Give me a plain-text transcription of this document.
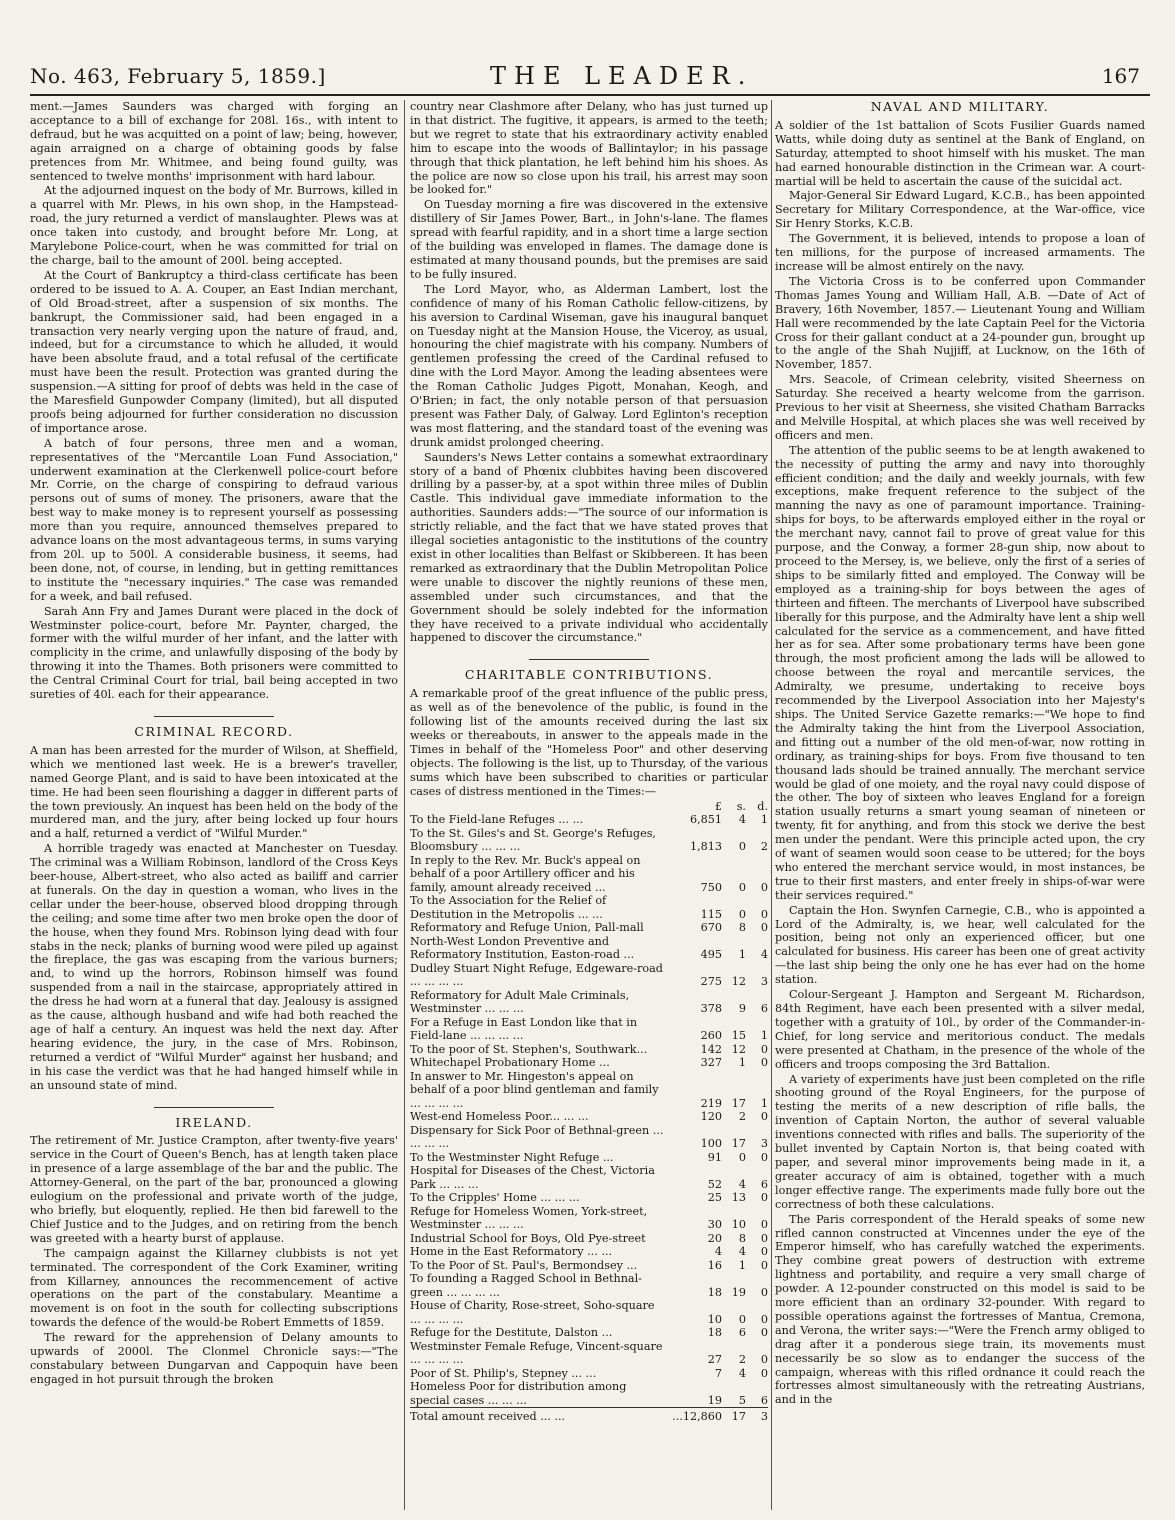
No. 463, February 5, 1859.]	THE LEADER.	167

ment.—James Saunders was charged with forging an acceptance to a bill of exchange for 208l. 16s., with intent to defraud, but he was acquitted on a point of law; being, however, again arraigned on a charge of obtaining goods by false pretences from Mr. Whitmee, and being found guilty, was sentenced to twelve months' imprisonment with hard labour.

At the adjourned inquest on the body of Mr. Burrows, killed in a quarrel with Mr. Plews, in his own shop, in the Hampstead-road, the jury returned a verdict of manslaughter. Plews was at once taken into custody, and brought before Mr. Long, at Marylebone Police-court, when he was committed for trial on the charge, bail to the amount of 200l. being accepted.

At the Court of Bankruptcy a third-class certificate has been ordered to be issued to A. A. Couper, an East Indian merchant, of Old Broad-street, after a suspension of six months. The bankrupt, the Commissioner said, had been engaged in a transaction very nearly verging upon the nature of fraud, and, indeed, but for a circumstance to which he alluded, it would have been absolute fraud, and a total refusal of the certificate must have been the result. Protection was granted during the suspension.—A sitting for proof of debts was held in the case of the Maresfield Gunpowder Company (limited), but all disputed proofs being adjourned for further consideration no discussion of importance arose.

A batch of four persons, three men and a woman, representatives of the "Mercantile Loan Fund Association," underwent examination at the Clerkenwell police-court before Mr. Corrie, on the charge of conspiring to defraud various persons out of sums of money. The prisoners, aware that the best way to make money is to represent yourself as possessing more than you require, announced themselves prepared to advance loans on the most advantageous terms, in sums varying from 20l. up to 500l. A considerable business, it seems, had been done, not, of course, in lending, but in getting remittances to institute the "necessary inquiries." The case was remanded for a week, and bail refused.

Sarah Ann Fry and James Durant were placed in the dock of Westminster police-court, before Mr. Paynter, charged, the former with the wilful murder of her infant, and the latter with complicity in the crime, and unlawfully disposing of the body by throwing it into the Thames. Both prisoners were committed to the Central Criminal Court for trial, bail being accepted in two sureties of 40l. each for their appearance.

CRIMINAL RECORD.

A man has been arrested for the murder of Wilson, at Sheffield, which we mentioned last week. He is a brewer's traveller, named George Plant, and is said to have been intoxicated at the time. He had been seen flourishing a dagger in different parts of the town previously. An inquest has been held on the body of the murdered man, and the jury, after being locked up four hours and a half, returned a verdict of "Wilful Murder."

A horrible tragedy was enacted at Manchester on Tuesday. The criminal was a William Robinson, landlord of the Cross Keys beer-house, Albert-street, who also acted as bailiff and carrier at funerals. On the day in question a woman, who lives in the cellar under the beer-house, observed blood dropping through the ceiling; and some time after two men broke open the door of the house, when they found Mrs. Robinson lying dead with four stabs in the neck; planks of burning wood were piled up against the fireplace, the gas was escaping from the various burners; and, to wind up the horrors, Robinson himself was found suspended from a nail in the staircase, appropriately attired in the dress he had worn at a funeral that day. Jealousy is assigned as the cause, although husband and wife had both reached the age of half a century. An inquest was held the next day. After hearing evidence, the jury, in the case of Mrs. Robinson, returned a verdict of "Wilful Murder" against her husband; and in his case the verdict was that he had hanged himself while in an unsound state of mind.

IRELAND.

The retirement of Mr. Justice Crampton, after twenty-five years' service in the Court of Queen's Bench, has at length taken place in presence of a large assemblage of the bar and the public. The Attorney-General, on the part of the bar, pronounced a glowing eulogium on the professional and private worth of the judge, who briefly, but eloquently, replied. He then bid farewell to the Chief Justice and to the Judges, and on retiring from the bench was greeted with a hearty burst of applause.

The campaign against the Killarney clubbists is not yet terminated. The correspondent of the Cork Examiner, writing from Killarney, announces the recommencement of active operations on the part of the constabulary. Meantime a movement is on foot in the south for collecting subscriptions towards the defence of the would-be Robert Emmetts of 1859.

The reward for the apprehension of Delany amounts to upwards of 2000l. The Clonmel Chronicle says:—"The constabulary between Dungarvan and Cappoquin have been engaged in hot pursuit through the broken

country near Clashmore after Delany, who has just turned up in that district. The fugitive, it appears, is armed to the teeth; but we regret to state that his extraordinary activity enabled him to escape into the woods of Ballintaylor; in his passage through that thick plantation, he left behind him his shoes. As the police are now so close upon his trail, his arrest may soon be looked for."

On Tuesday morning a fire was discovered in the extensive distillery of Sir James Power, Bart., in John's-lane. The flames spread with fearful rapidity, and in a short time a large section of the building was enveloped in flames. The damage done is estimated at many thousand pounds, but the premises are said to be fully insured.

The Lord Mayor, who, as Alderman Lambert, lost the confidence of many of his Roman Catholic fellow-citizens, by his aversion to Cardinal Wiseman, gave his inaugural banquet on Tuesday night at the Mansion House, the Viceroy, as usual, honouring the chief magistrate with his company. Numbers of gentlemen professing the creed of the Cardinal refused to dine with the Lord Mayor. Among the leading absentees were the Roman Catholic Judges Pigott, Monahan, Keogh, and O'Brien; in fact, the only notable person of that persuasion present was Father Daly, of Galway. Lord Eglinton's reception was most flattering, and the standard toast of the evening was drunk amidst prolonged cheering.

Saunders's News Letter contains a somewhat extraordinary story of a band of Phœnix clubbites having been discovered drilling by a passer-by, at a spot within three miles of Dublin Castle. This individual gave immediate information to the authorities. Saunders adds:—"The source of our information is strictly reliable, and the fact that we have stated proves that illegal societies antagonistic to the institutions of the country exist in other localities than Belfast or Skibbereen. It has been remarked as extraordinary that the Dublin Metropolitan Police were unable to discover the nightly reunions of these men, assembled under such circumstances, and that the Government should be solely indebted for the information they have received to a private individual who accidentally happened to discover the circumstance."

CHARITABLE CONTRIBUTIONS.

A remarkable proof of the great influence of the public press, as well as of the benevolence of the public, is found in the following list of the amounts received during the last six weeks or thereabouts, in answer to the appeals made in the Times in behalf of the "Homeless Poor" and other deserving objects. The following is the list, up to Thursday, of the various sums which have been subscribed to charities or particular cases of distress mentioned in the Times:—

	£	s.	d.
To the Field-lane Refuges ... ...	6,851	4	1
To the St. Giles's and St. George's Refuges, Bloomsbury ... ... ...	1,813	0	2
In reply to the Rev. Mr. Buck's appeal on behalf of a poor Artillery officer and his family, amount already received ...	750	0	0
To the Association for the Relief of Destitution in the Metropolis ... ...	115	0	0
Reformatory and Refuge Union, Pall-mall	670	8	0
North-West London Preventive and Reformatory Institution, Easton-road ...	495	1	4
Dudley Stuart Night Refuge, Edgeware-road ... ... ... ...	275	12	3
Reformatory for Adult Male Criminals, Westminster ... ... ...	378	9	6
For a Refuge in East London like that in Field-lane ... ... ... ...	260	15	1
To the poor of St. Stephen's, Southwark...	142	12	0
Whitechapel Probationary Home ...	327	1	0
In answer to Mr. Hingeston's appeal on behalf of a poor blind gentleman and family ... ... ... ...	219	17	1
West-end Homeless Poor... ... ...	120	2	0
Dispensary for Sick Poor of Bethnal-green ... ... ... ...	100	17	3
To the Westminster Night Refuge ...	91	0	0
Hospital for Diseases of the Chest, Victoria Park ... ... ...	52	4	6
To the Cripples' Home ... ... ...	25	13	0
Refuge for Homeless Women, York-street, Westminster ... ... ...	30	10	0
Industrial School for Boys, Old Pye-street	20	8	0
Home in the East Reformatory ... ...	4	4	0
To the Poor of St. Paul's, Bermondsey ...	16	1	0
To founding a Ragged School in Bethnal-green ... ... ... ...	18	19	0
House of Charity, Rose-street, Soho-square ... ... ... ...	10	0	0
Refuge for the Destitute, Dalston ...	18	6	0
Westminster Female Refuge, Vincent-square ... ... ... ...	27	2	0
Poor of St. Philip's, Stepney ... ...	7	4	0
Homeless Poor for distribution among special cases ... ... ...	19	5	6
Total amount received ... ...	...12,860	17	3
NAVAL AND MILITARY.

A soldier of the 1st battalion of Scots Fusilier Guards named Watts, while doing duty as sentinel at the Bank of England, on Saturday, attempted to shoot himself with his musket. The man had earned honourable distinction in the Crimean war. A court-martial will be held to ascertain the cause of the suicidal act.

Major-General Sir Edward Lugard, K.C.B., has been appointed Secretary for Military Correspondence, at the War-office, vice Sir Henry Storks, K.C.B.

The Government, it is believed, intends to propose a loan of ten millions, for the purpose of increased armaments. The increase will be almost entirely on the navy.

The Victoria Cross is to be conferred upon Commander Thomas James Young and William Hall, A.B. —Date of Act of Bravery, 16th November, 1857.— Lieutenant Young and William Hall were recommended by the late Captain Peel for the Victoria Cross for their gallant conduct at a 24-pounder gun, brought up to the angle of the Shah Nujjiff, at Lucknow, on the 16th of November, 1857.

Mrs. Seacole, of Crimean celebrity, visited Sheerness on Saturday. She received a hearty welcome from the garrison. Previous to her visit at Sheerness, she visited Chatham Barracks and Melville Hospital, at which places she was well received by officers and men.

The attention of the public seems to be at length awakened to the necessity of putting the army and navy into thoroughly efficient condition; and the daily and weekly journals, with few exceptions, make frequent reference to the subject of the manning the navy as one of paramount importance. Training-ships for boys, to be afterwards employed either in the royal or the merchant navy, cannot fail to prove of great value for this purpose, and the Conway, a former 28-gun ship, now about to proceed to the Mersey, is, we believe, only the first of a series of ships to be similarly fitted and employed. The Conway will be employed as a training-ship for boys between the ages of thirteen and fifteen. The merchants of Liverpool have subscribed liberally for this purpose, and the Admiralty have lent a ship well calculated for the service as a commencement, and have fitted her as for sea. After some probationary terms have been gone through, the most proficient among the lads will be allowed to choose between the royal and mercantile services, the Admiralty, we presume, undertaking to receive boys recommended by the Liverpool Association into her Majesty's ships. The United Service Gazette remarks:—"We hope to find the Admiralty taking the hint from the Liverpool Association, and fitting out a number of the old men-of-war, now rotting in ordinary, as training-ships for boys. From five thousand to ten thousand lads should be trained annually. The merchant service would be glad of one moiety, and the royal navy could dispose of the other. The boy of sixteen who leaves England for a foreign station usually returns a smart young seaman of nineteen or twenty, fit for anything, and from this stock we derive the best men under the pendant. Were this principle acted upon, the cry of want of seamen would soon cease to be uttered; for the boys who entered the merchant service would, in most instances, be true to their first masters, and enter freely in ships-of-war were their services required."

Captain the Hon. Swynfen Carnegie, C.B., who is appointed a Lord of the Admiralty, is, we hear, well calculated for the position, being not only an experienced officer, but one calculated for business. His career has been one of great activity—the last ship being the only one he has ever had on the home station.

Colour-Sergeant J. Hampton and Sergeant M. Richardson, 84th Regiment, have each been presented with a silver medal, together with a gratuity of 10l., by order of the Commander-in-Chief, for long service and meritorious conduct. The medals were presented at Chatham, in the presence of the whole of the officers and troops composing the 3rd Battalion.

A variety of experiments have just been completed on the rifle shooting ground of the Royal Engineers, for the purpose of testing the merits of a new description of rifle balls, the invention of Captain Norton, the author of several valuable inventions connected with rifles and balls. The superiority of the bullet invented by Captain Norton is, that being coated with paper, and several minor improvements being made in it, a greater accuracy of aim is obtained, together with a much longer effective range. The experiments made fully bore out the correctness of both these calculations.

The Paris correspondent of the Herald speaks of some new rifled cannon constructed at Vincennes under the eye of the Emperor himself, who has carefully watched the experiments. They combine great powers of destruction with extreme lightness and portability, and require a very small charge of powder. A 12-pounder constructed on this model is said to be more efficient than an ordinary 32-pounder. With regard to possible operations against the fortresses of Mantua, Cremona, and Verona, the writer says:—"Were the French army obliged to drag after it a ponderous siege train, its movements must necessarily be so slow as to endanger the success of the campaign, whereas with this rifled ordnance it could reach the fortresses almost simultaneously with the retreating Austrians, and in the
